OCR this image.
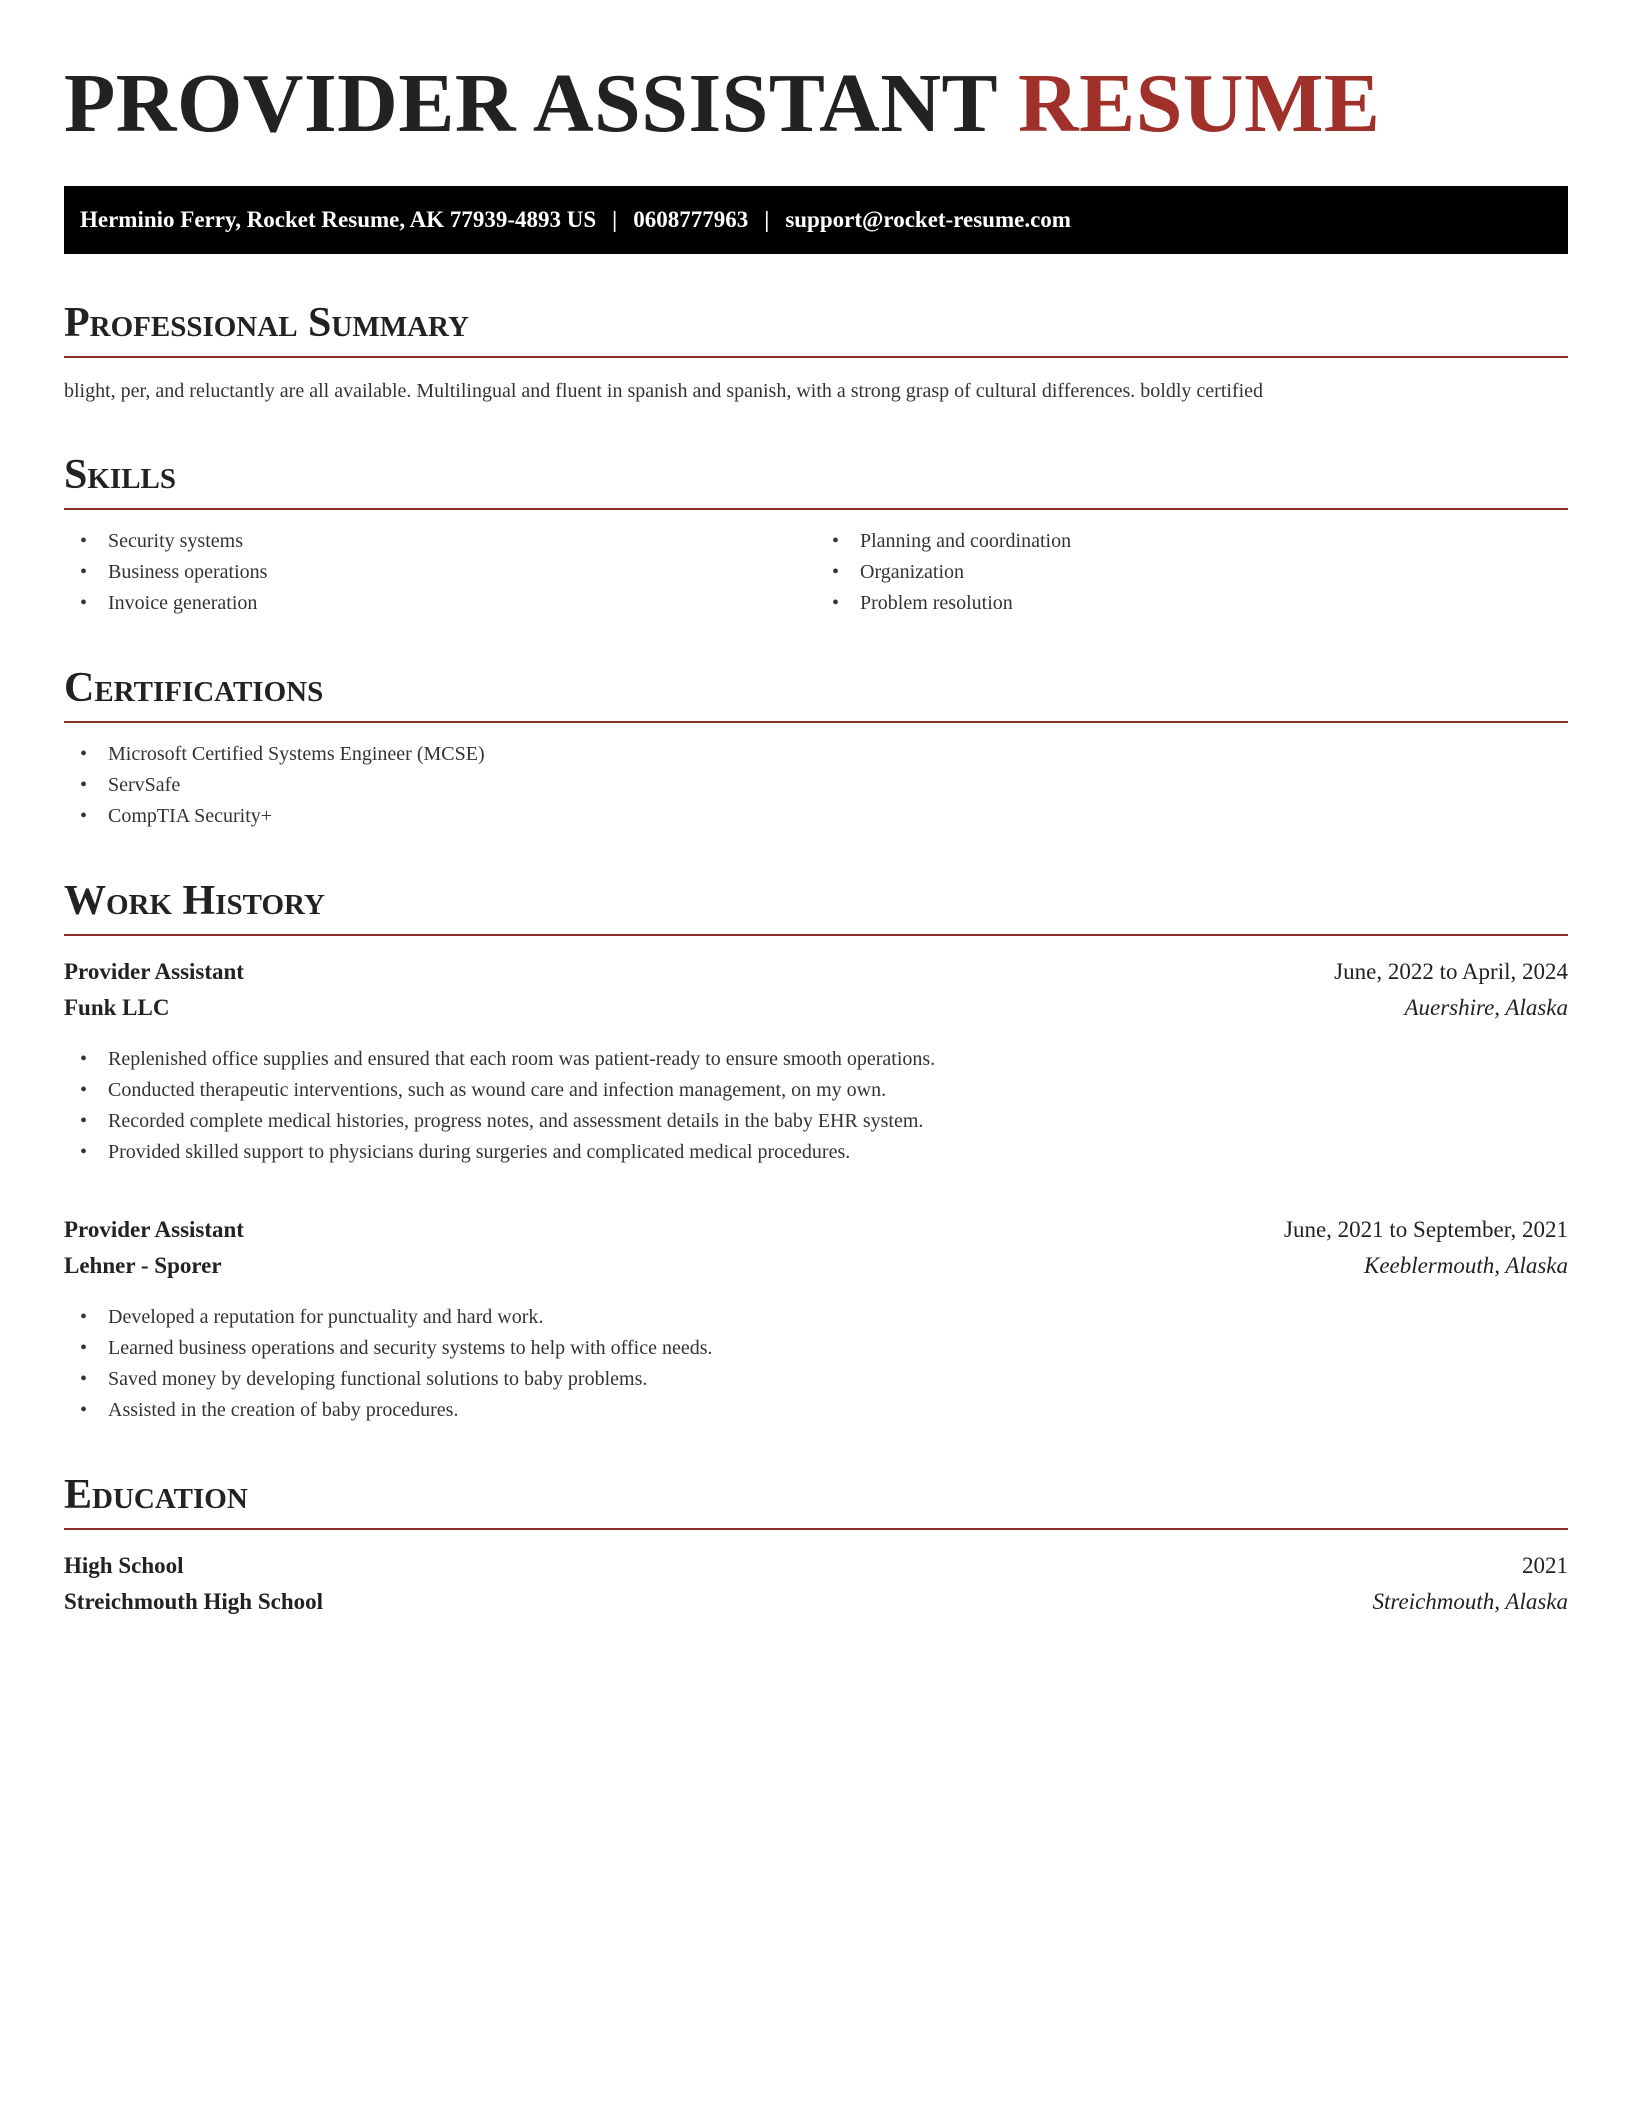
PROVIDER ASSISTANT RESUME
Herminio Ferry, Rocket Resume, AK 77939-4893 US | 0608777963 | support@rocket-resume.com
Professional Summary

blight, per, and reluctantly are all available. Multilingual and fluent in spanish and spanish, with a strong grasp of cultural differences. boldly certified

Skills
• Security systems
• Business operations
• Invoice generation
• Planning and coordination
• Organization
• Problem resolution
Certifications
• Microsoft Certified Systems Engineer (MCSE)
• ServSafe
• CompTIA Security+
Work History
Provider Assistant	June, 2022 to April, 2024
Funk LLC	Auershire, Alaska
• Replenished office supplies and ensured that each room was patient-ready to ensure smooth operations.
• Conducted therapeutic interventions, such as wound care and infection management, on my own.
• Recorded complete medical histories, progress notes, and assessment details in the baby EHR system.
• Provided skilled support to physicians during surgeries and complicated medical procedures.
Provider Assistant	June, 2021 to September, 2021
Lehner - Sporer	Keeblermouth, Alaska
• Developed a reputation for punctuality and hard work.
• Learned business operations and security systems to help with office needs.
• Saved money by developing functional solutions to baby problems.
• Assisted in the creation of baby procedures.
Education
High School	2021
Streichmouth High School	Streichmouth, Alaska
